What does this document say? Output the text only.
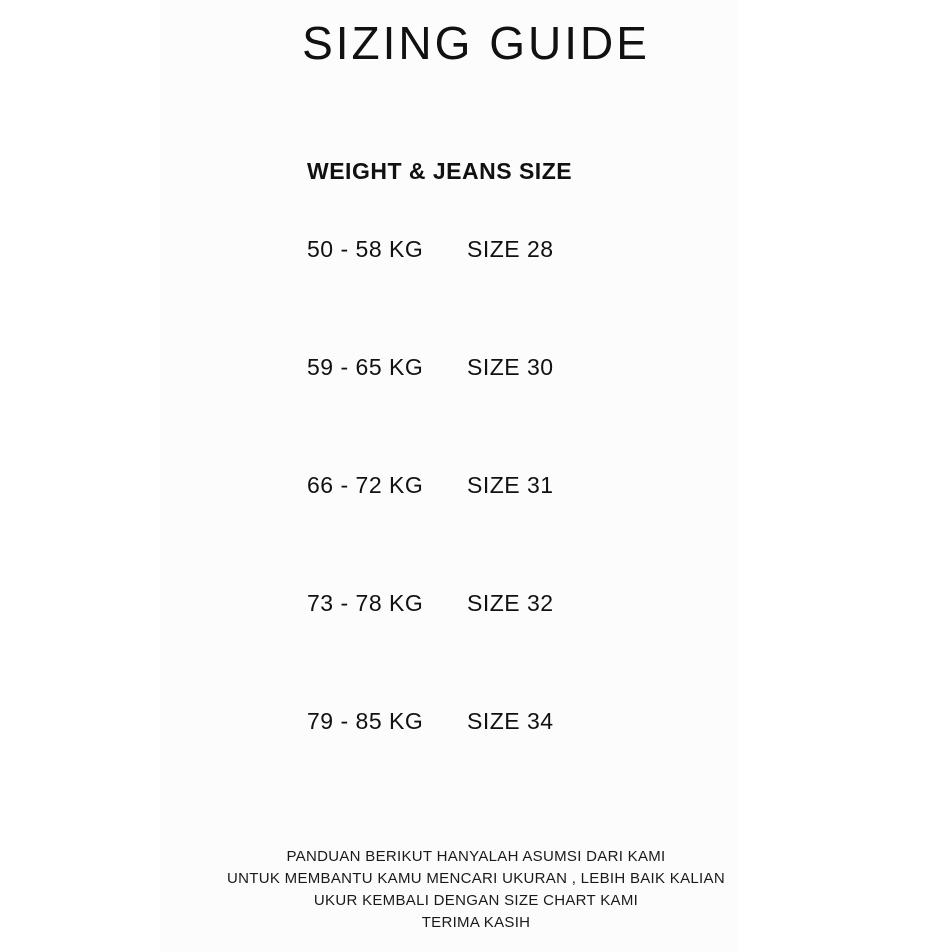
SIZING GUIDE
WEIGHT & JEANS SIZE
50 - 58 KG	SIZE 28
59 - 65 KG	SIZE 30
66 - 72 KG	SIZE 31
73 - 78 KG	SIZE 32
79 - 85 KG	SIZE 34
PANDUAN BERIKUT HANYALAH ASUMSI DARI KAMI
UNTUK MEMBANTU KAMU MENCARI UKURAN , LEBIH BAIK KALIAN
UKUR KEMBALI DENGAN SIZE CHART KAMI
TERIMA KASIH
